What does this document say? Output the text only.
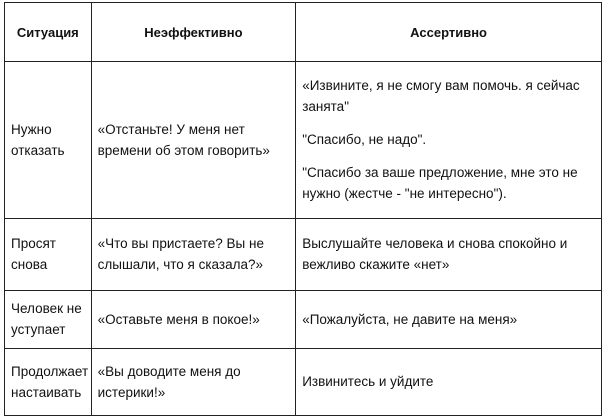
Ситуация	Неэффективно	Ассертивно

Нужно отказать	«Отстаньте! У меня нет времени об этом говорить»	«Извините, я не смогу вам помочь. я сейчас занята"
"Спасибо, не надо".
"Спасибо за ваше предложение, мне это не нужно (жестче - "не интересно").

Просят снова	«Что вы пристаете? Вы не слышали, что я сказала?»	Выслушайте человека и снова спокойно и вежливо скажите «нет»

Человек не уступает	«Оставьте меня в покое!»	«Пожалуйста, не давите на меня»

Продолжает настаивать	«Вы доводите меня до истерики!»	Извинитесь и уйдите
